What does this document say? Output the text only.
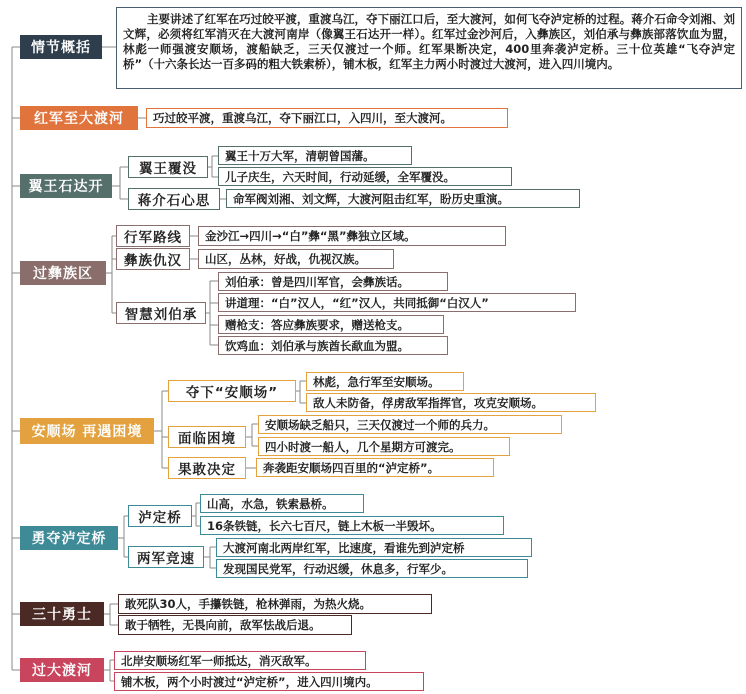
情节概括
主要讲述了红军在巧过皎平渡，重渡乌江，夺下丽江口后，至大渡河，如何飞夺泸定桥的过程。蒋介石命令刘湘、刘文辉，必须将红军消灭在大渡河南岸（像翼王石达开一样）。红军过金沙河后，入彝族区，刘伯承与彝族部落饮血为盟，林彪一师强渡安顺场，渡船缺乏，三天仅渡过一个师。红军果断决定，400里奔袭泸定桥。三十位英雄“飞夺泸定桥”（十六条长达一百多码的粗大铁索桥），铺木板，红军主力两小时渡过大渡河，进入四川境内。
红军至大渡河	巧过皎平渡，重渡乌江，夺下丽江口，入四川，至大渡河。
翼王石达开
翼王覆没
翼王十万大军，清朝曾国藩。
儿子庆生，六天时间，行动延缓，全军覆没。
蒋介石心思 命军阀刘湘、刘文辉，大渡河阻击红军，盼历史重演。
过彝族区
行军路线 金沙江→四川→“白”彝“黑”彝独立区域。
彝族仇汉 山区，丛林，好战，仇视汉族。
智慧刘伯承
刘伯承：曾是四川军官，会彝族话。
讲道理：“白”汉人，“红”汉人，共同抵御“白汉人”
赠枪支：答应彝族要求，赠送枪支。
饮鸡血：刘伯承与族酋长歃血为盟。
安顺场 再遇困境
夺下“安顺场”
林彪，急行军至安顺场。
敌人未防备，俘虏敌军指挥官，攻克安顺场。
面临困境
安顺场缺乏船只，三天仅渡过一个师的兵力。
四小时渡一船人，几个星期方可渡完。
果敢决定 奔袭距安顺场四百里的“泸定桥”。
勇夺泸定桥
泸定桥
山高，水急，铁索悬桥。
16条铁链，长六七百尺，链上木板一半毁坏。
两军竞速
大渡河南北两岸红军，比速度，看谁先到泸定桥
发现国民党军，行动迟缓，休息多，行军少。
三十勇士
敢死队30人，手攥铁链，枪林弹雨，为热火烧。
敢于牺牲，无畏向前，敌军怯战后退。
过大渡河
北岸安顺场红军一师抵达，消灭敌军。
铺木板，两个小时渡过“泸定桥”，进入四川境内。
